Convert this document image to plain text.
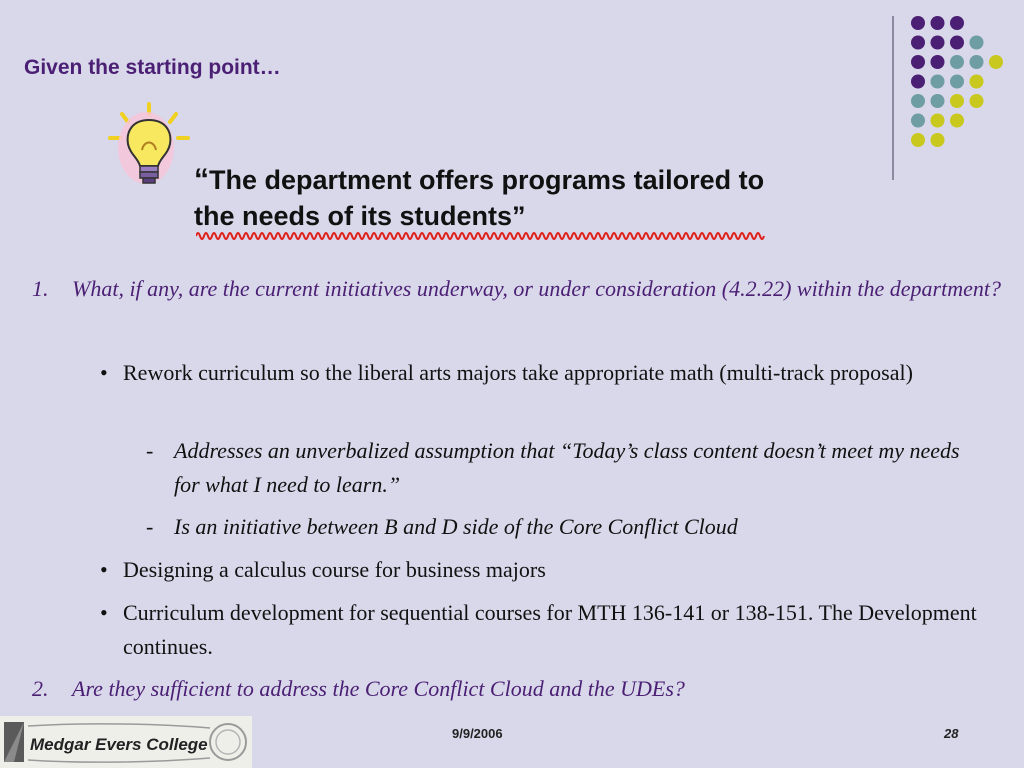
Given the starting point…
“The department offers programs tailored to
the needs of its students”
1. What, if any, are the current initiatives underway, or under consideration (4.2.22) within the department?
• Rework curriculum so the liberal arts majors take appropriate math (multi-track proposal)
- Addresses an unverbalized assumption that “Today’s class content doesn’t meet my needs for what I need to learn.”
- Is an initiative between B and D side of the Core Conflict Cloud
• Designing a calculus course for business majors
• Curriculum development for sequential courses for MTH 136-141 or 138-151. The Development continues.
2. Are they sufficient to address the Core Conflict Cloud and the UDEs?
Medgar Evers College
9/9/2006	28
